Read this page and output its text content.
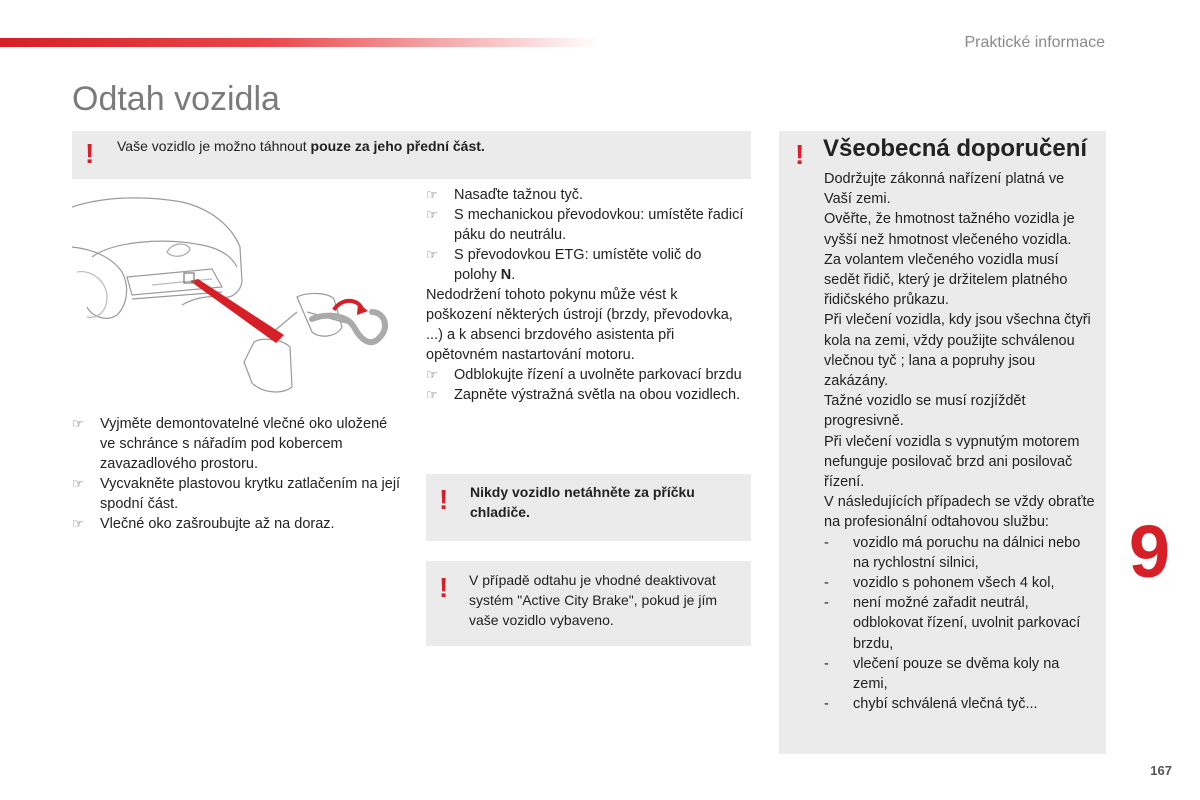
Praktické informace
Odtah vozidla
! Vaše vozidlo je možno táhnout pouze za jeho přední část.
☞ Vyjměte demontovatelné vlečné oko uložené ve schránce s nářadím pod kobercem zavazadlového prostoru.
☞ Vycvakněte plastovou krytku zatlačením na její spodní část.
☞ Vlečné oko zašroubujte až na doraz.
☞ Nasaďte tažnou tyč.
☞ S mechanickou převodovkou: umístěte řadicí páku do neutrálu.
☞ S převodovkou ETG: umístěte volič do polohy N.
Nedodržení tohoto pokynu může vést k poškození některých ústrojí (brzdy, převodovka, ...) a k absenci brzdového asistenta při opětovném nastartování motoru.
☞ Odblokujte řízení a uvolněte parkovací brzdu
☞ Zapněte výstražná světla na obou vozidlech.
! Nikdy vozidlo netáhněte za příčku chladiče.
! V případě odtahu je vhodné deaktivovat systém "Active City Brake", pokud je jím vaše vozidlo vybaveno.
! Všeobecná doporučení

Dodržujte zákonná nařízení platná ve Vaší zemi.

Ověřte, že hmotnost tažného vozidla je vyšší než hmotnost vlečeného vozidla.

Za volantem vlečeného vozidla musí sedět řidič, který je držitelem platného řidičského průkazu.

Při vlečení vozidla, kdy jsou všechna čtyři kola na zemi, vždy použijte schválenou vlečnou tyč ; lana a popruhy jsou zakázány.

Tažné vozidlo se musí rozjíždět progresivně.

Při vlečení vozidla s vypnutým motorem nefunguje posilovač brzd ani posilovač řízení.

V následujících případech se vždy obraťte na profesionální odtahovou službu:

- vozidlo má poruchu na dálnici nebo na rychlostní silnici,
- vozidlo s pohonem všech 4 kol,
- není možné zařadit neutrál, odblokovat řízení, uvolnit parkovací brzdu,
- vlečení pouze se dvěma koly na zemi,
- chybí schválená vlečná tyč...
9
167
